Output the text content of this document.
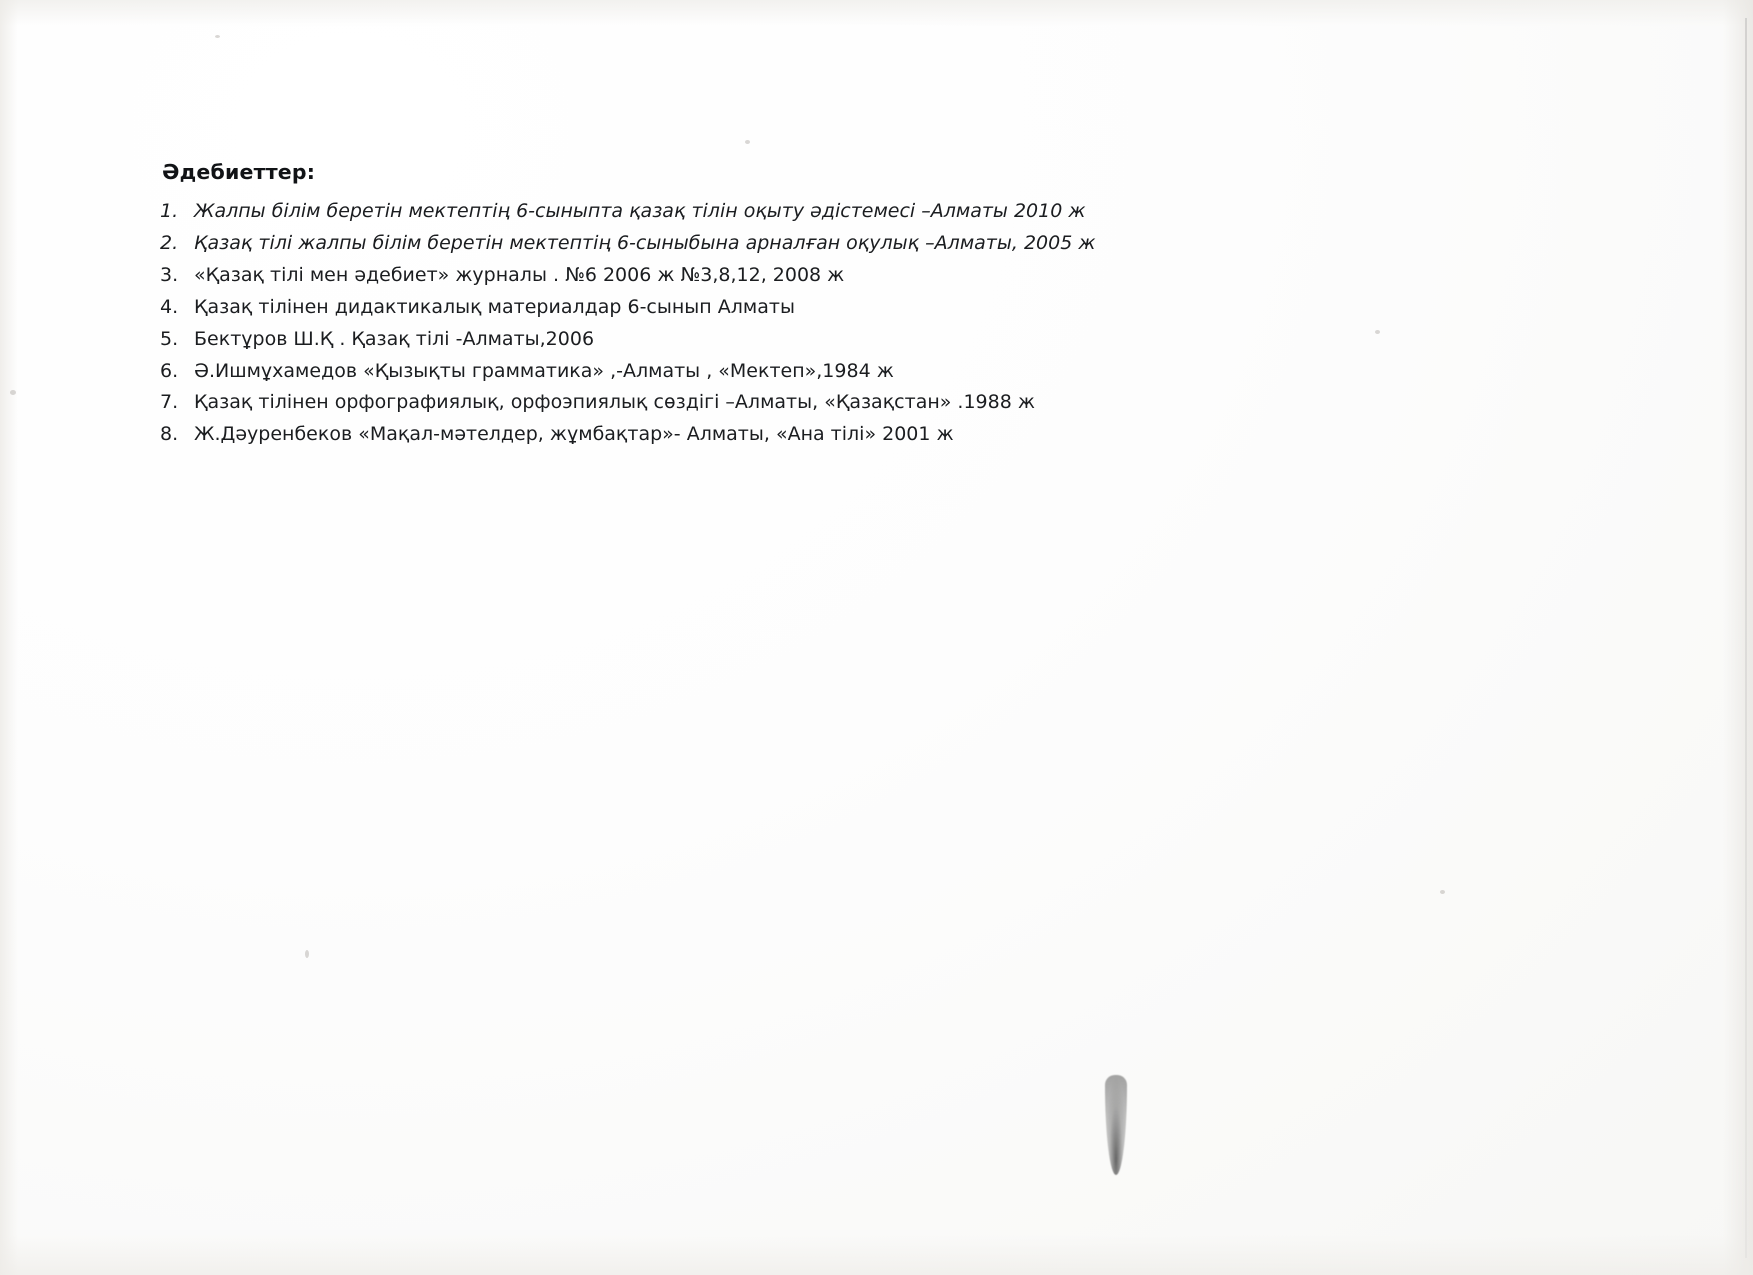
Әдебиеттер:
1. Жалпы білім беретін мектептің 6-сыныпта қазақ тілін оқыту әдістемесі –Алматы 2010 ж
2. Қазақ тілі жалпы білім беретін мектептің 6-сыныбына арналған оқулық –Алматы, 2005 ж
3. «Қазақ тілі мен әдебиет» журналы . №6 2006 ж №3,8,12, 2008 ж
4. Қазақ тілінен дидактикалық материалдар 6-сынып Алматы
5. Бектұров Ш.Қ . Қазақ тілі -Алматы,2006
6. Ә.Ишмұхамедов «Қызықты грамматика» ,-Алматы , «Мектеп»,1984 ж
7. Қазақ тілінен орфографиялық, орфоэпиялық сөздігі –Алматы, «Қазақстан» .1988 ж
8. Ж.Дәуренбеков «Мақал-мәтелдер, жұмбақтар»- Алматы, «Ана тілі» 2001 ж
